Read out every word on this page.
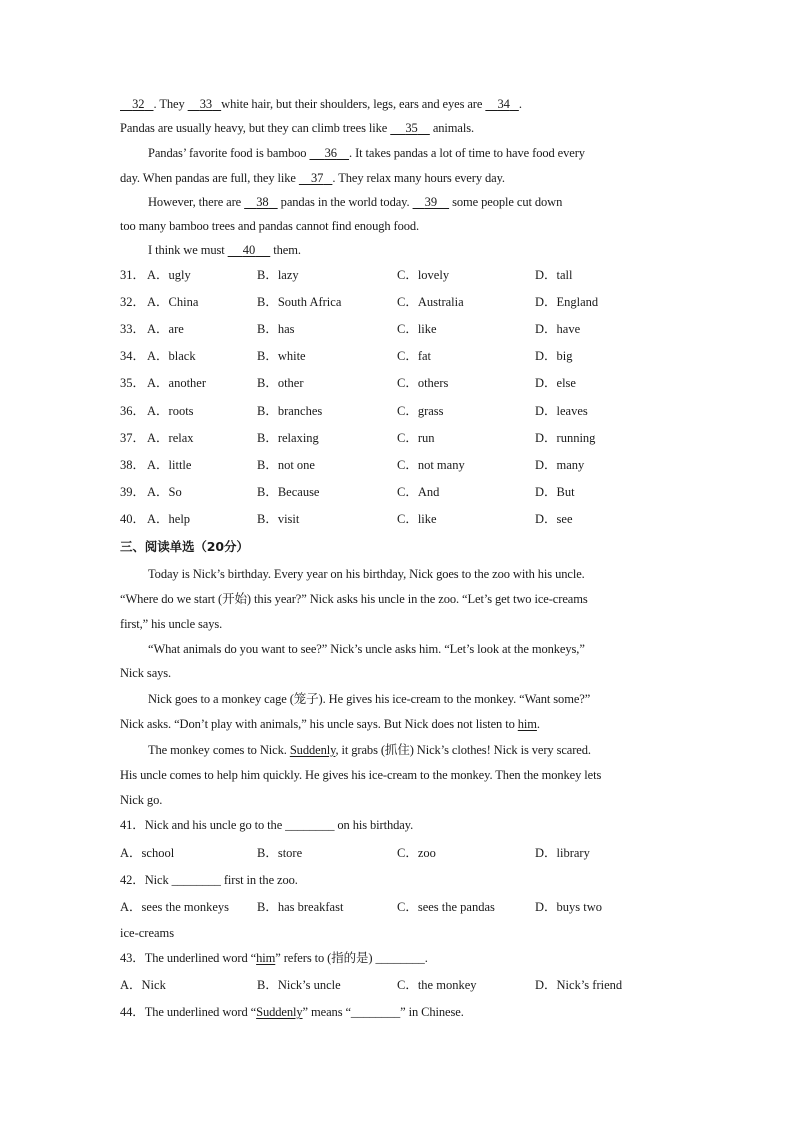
32 . They     33 white hair, but their shoulders, legs, ears and eyes are     34 .
Pandas are usually heavy, but they can climb trees like      35     animals.
Pandas’ favorite food is bamboo      36 . It takes pandas a lot of time to have food every
day. When pandas are full, they like     37 . They relax many hours every day.
However, there are     38    pandas in the world today.     39     some people cut down
too many bamboo trees and pandas cannot find enough food.
I think we must      40      them.
31． A．ugly	B．lazy	C．lovely	D．tall
32． A．China	B．South Africa	C．Australia	D．England
33． A．are	B．has	C．like	D．have
34． A．black	B．white	C．fat	D．big
35． A．another	B．other	C．others	D．else
36． A．roots	B．branches	C．grass	D．leaves
37． A．relax	B．relaxing	C．run	D．running
38． A．little	B．not one	C．not many	D．many
39． A．So	B．Because	C．And	D．But
40． A．help	B．visit	C．like	D．see
三、阅读单选（20分）
Today is Nick’s birthday. Every year on his birthday, Nick goes to the zoo with his uncle.
“Where do we start (开始) this year?” Nick asks his uncle in the zoo. “Let’s get two ice-creams
first,” his uncle says.
“What animals do you want to see?” Nick’s uncle asks him. “Let’s look at the monkeys,”
Nick says.
Nick goes to a monkey cage (笼子). He gives his ice-cream to the monkey. “Want some?”
Nick asks. “Don’t play with animals,” his uncle says. But Nick does not listen to him.
The monkey comes to Nick. Suddenly, it grabs (抓住) Nick’s clothes! Nick is very scared.
His uncle comes to help him quickly. He gives his ice-cream to the monkey. Then the monkey lets
Nick go.
41．Nick and his uncle go to the ________ on his birthday.
A．school	B．store	C．zoo	D．library
42．Nick ________ first in the zoo.
A．sees the monkeys B．has breakfast	C．sees the pandas	D．buys two
ice-creams
43．The underlined word “him” refers to (指的是) ________.
A．Nick	B．Nick’s uncle	C．the monkey	D．Nick’s friend
44．The underlined word “Suddenly” means “________” in Chinese.
